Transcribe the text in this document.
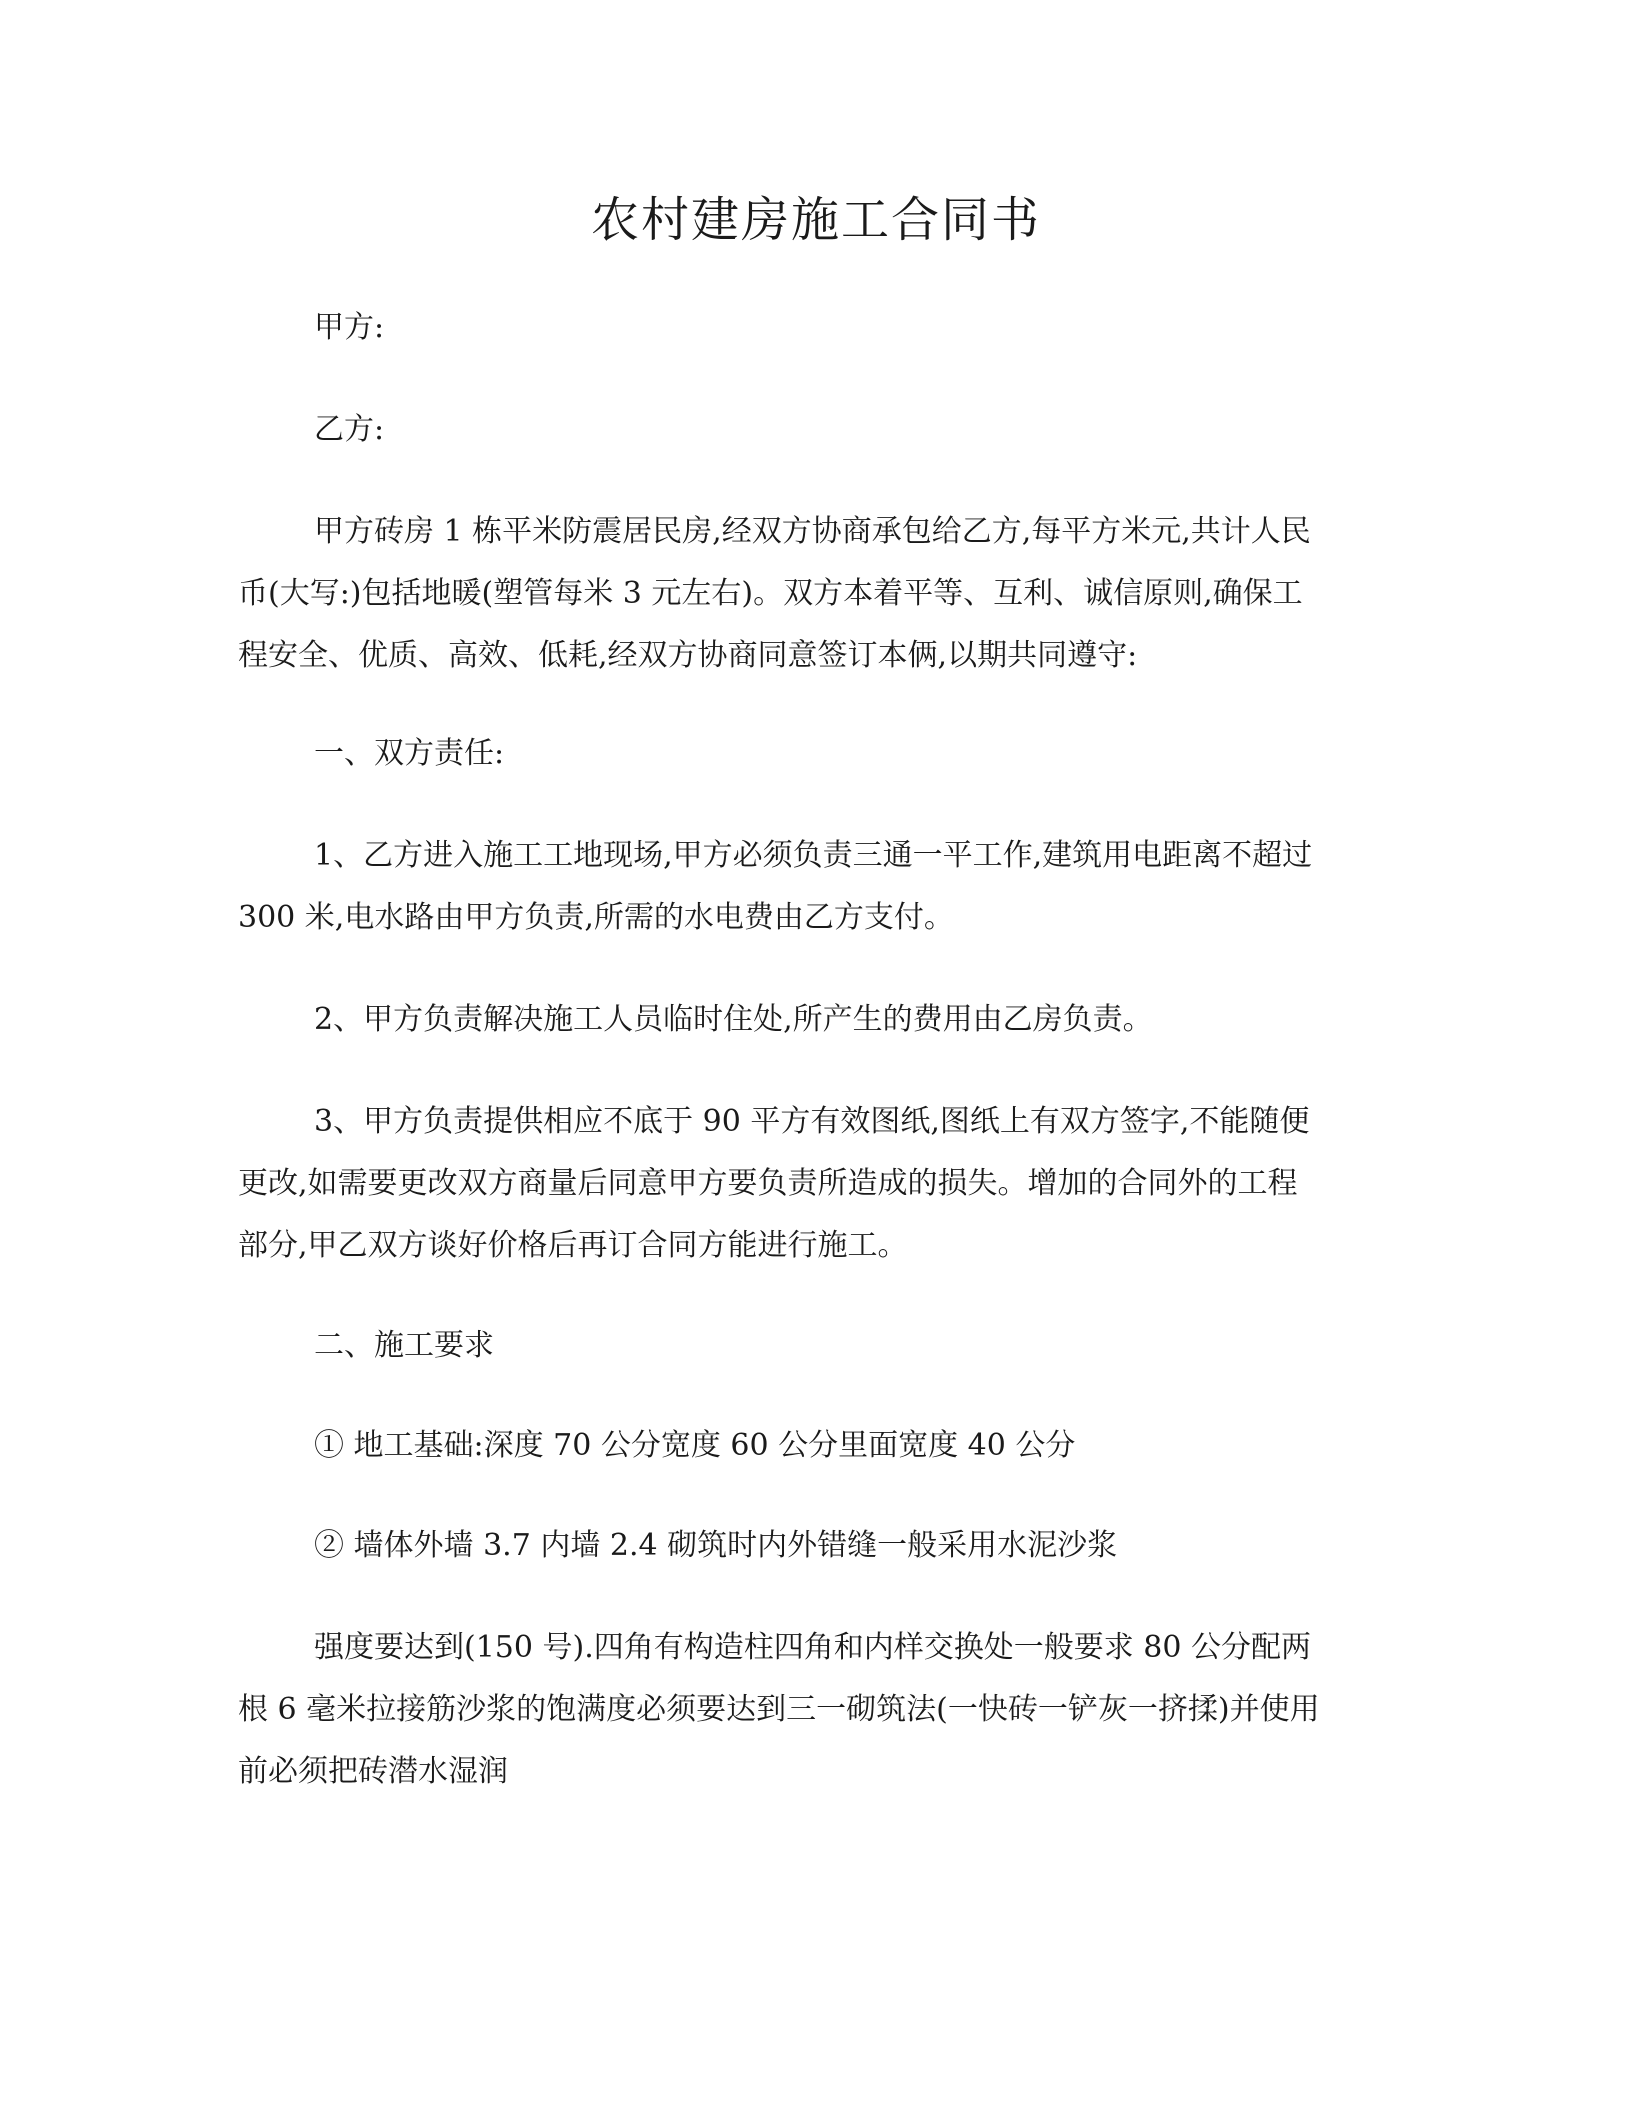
农村建房施工合同书

甲方:

乙方:

甲方砖房 1 栋平米防震居民房,经双方协商承包给乙方,每平方米元,共计人民

币(大写:)包括地暖(塑管每米 3 元左右)。双方本着平等、互利、诚信原则,确保工

程安全、优质、高效、低耗,经双方协商同意签订本俩,以期共同遵守:

一、双方责任:

1、乙方进入施工工地现场,甲方必须负责三通一平工作,建筑用电距离不超过

300 米,电水路由甲方负责,所需的水电费由乙方支付。

2、甲方负责解决施工人员临时住处,所产生的费用由乙房负责。

3、甲方负责提供相应不底于 90 平方有效图纸,图纸上有双方签字,不能随便

更改,如需要更改双方商量后同意甲方要负责所造成的损失。增加的合同外的工程

部分,甲乙双方谈好价格后再订合同方能进行施工。

二、施工要求

① 地工基础:深度 70 公分宽度 60 公分里面宽度 40 公分

② 墙体外墙 3.7 内墙 2.4 砌筑时内外错缝一般采用水泥沙浆

强度要达到(150 号).四角有构造柱四角和内样交换处一般要求 80 公分配两

根 6 毫米拉接筋沙浆的饱满度必须要达到三一砌筑法(一快砖一铲灰一挤揉)并使用

前必须把砖潜水湿润
